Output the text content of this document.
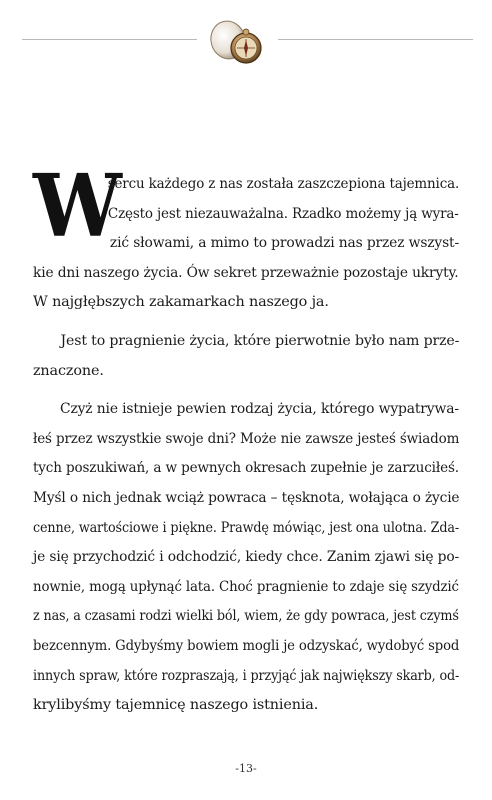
W
sercu każdego z nas została zaszczepiona tajemnica.
Często jest niezauważalna. Rzadko możemy ją wyra-
zić słowami, a mimo to prowadzi nas przez wszyst-
kie dni naszego życia. Ów sekret przeważnie pozostaje ukryty.
W najgłębszych zakamarkach naszego ja.
Jest to pragnienie życia, które pierwotnie było nam prze-
znaczone.
Czyż nie istnieje pewien rodzaj życia, którego wypatrywa-
łeś przez wszystkie swoje dni? Może nie zawsze jesteś świadom
tych poszukiwań, a w pewnych okresach zupełnie je zarzuciłeś.
Myśl o nich jednak wciąż powraca – tęsknota, wołająca o życie
cenne, wartościowe i piękne. Prawdę mówiąc, jest ona ulotna. Zda-
je się przychodzić i odchodzić, kiedy chce. Zanim zjawi się po-
nownie, mogą upłynąć lata. Choć pragnienie to zdaje się szydzić
z nas, a czasami rodzi wielki ból, wiem, że gdy powraca, jest czymś
bezcennym. Gdybyśmy bowiem mogli je odzyskać, wydobyć spod
innych spraw, które rozpraszają, i przyjąć jak największy skarb, od-
krylibyśmy tajemnicę naszego istnienia.
-13-
